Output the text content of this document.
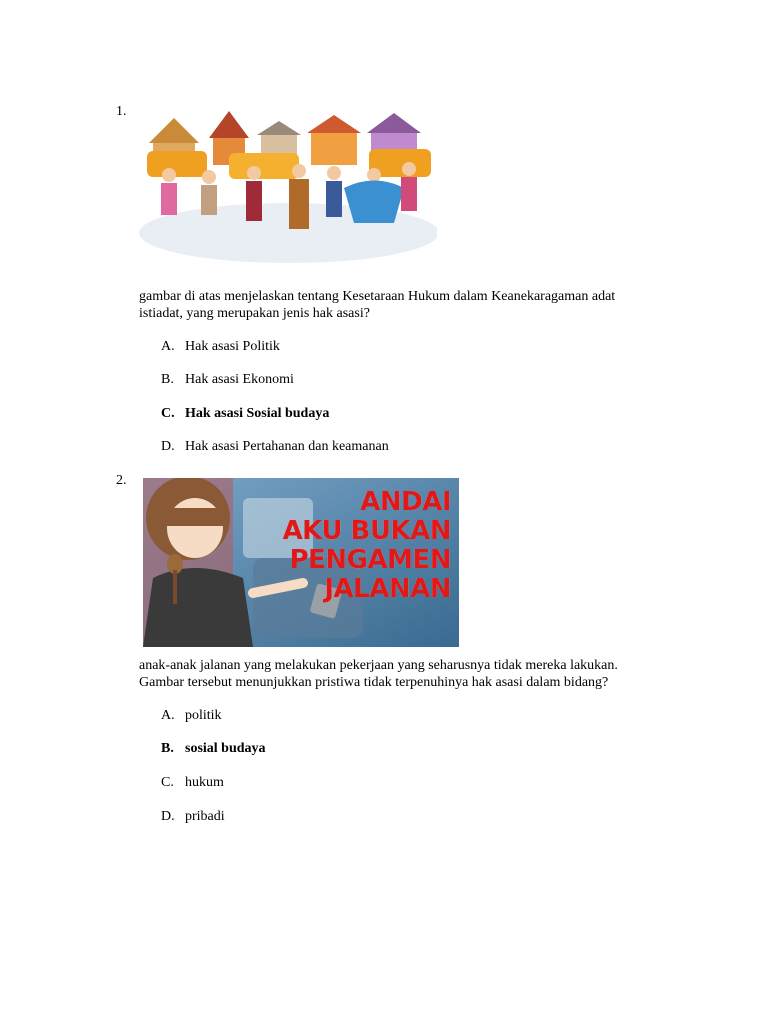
1.
gambar di atas menjelaskan tentang Kesetaraan Hukum dalam Keanekaragaman adat
istiadat, yang merupakan jenis hak asasi?
A. Hak asasi Politik
B. Hak asasi Ekonomi
C. Hak asasi Sosial budaya
D. Hak asasi Pertahanan dan keamanan
2.
ANDAI
AKU BUKAN
PENGAMEN
JALANAN
anak-anak jalanan yang melakukan pekerjaan yang seharusnya tidak mereka lakukan.
Gambar tersebut menunjukkan pristiwa tidak terpenuhinya hak asasi dalam bidang?
A. politik
B. sosial budaya
C. hukum
D. pribadi
